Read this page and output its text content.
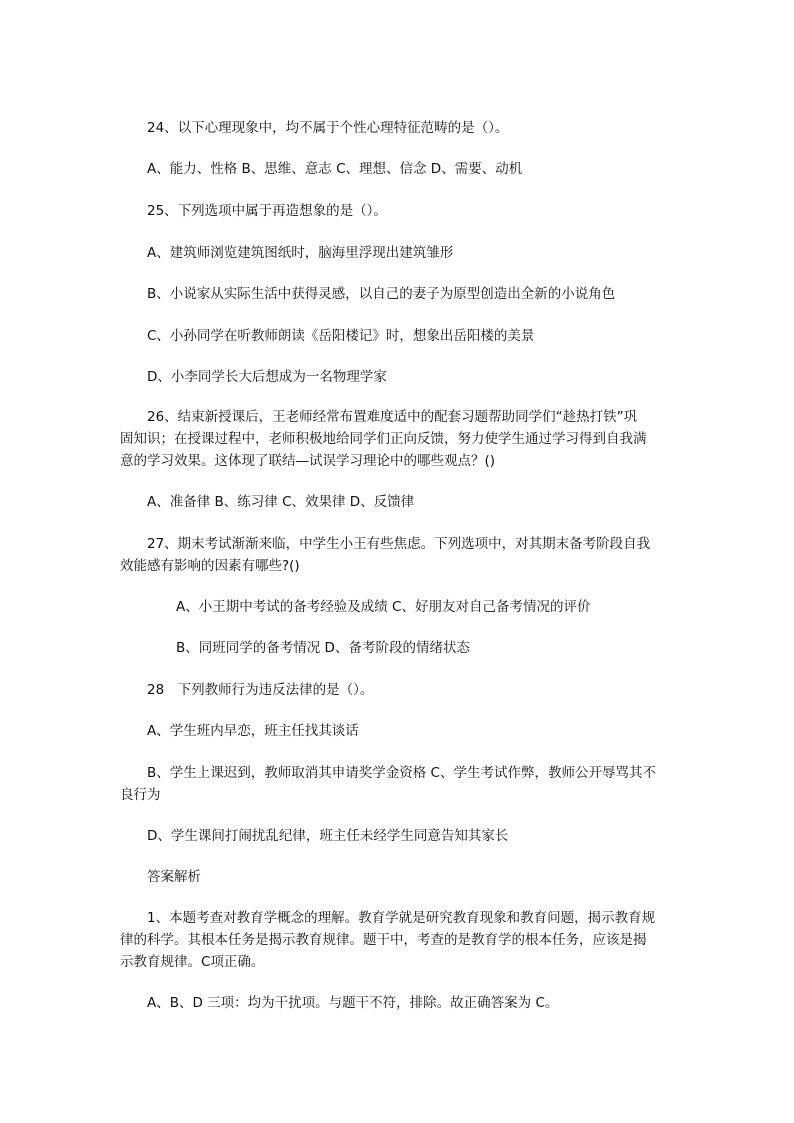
24、以下心理现象中，均不属于个性心理特征范畴的是（）。
A、能力、性格 B、思维、意志 C、理想、信念 D、需要、动机
25、下列选项中属于再造想象的是（）。
A、建筑师浏览建筑图纸时，脑海里浮现出建筑雏形
B、小说家从实际生活中获得灵感，以自己的妻子为原型创造出全新的小说角色
C、小孙同学在听教师朗读《岳阳楼记》时，想象出岳阳楼的美景
D、小李同学长大后想成为一名物理学家
26、结束新授课后，王老师经常布置难度适中的配套习题帮助同学们“趁热打铁”巩
固知识；在授课过程中，老师积极地给同学们正向反馈，努力使学生通过学习得到自我满
意的学习效果。这体现了联结—试误学习理论中的哪些观点？()
A、准备律 B、练习律 C、效果律 D、反馈律
27、期末考试渐渐来临，中学生小王有些焦虑。下列选项中，对其期末备考阶段自我
效能感有影响的因素有哪些?()
A、小王期中考试的备考经验及成绩 C、好朋友对自己备考情况的评价
B、同班同学的备考情况 D、备考阶段的情绪状态
28　下列教师行为违反法律的是（）。
A、学生班内早恋，班主任找其谈话
B、学生上课迟到，教师取消其申请奖学金资格 C、学生考试作弊，教师公开辱骂其不
良行为
D、学生课间打闹扰乱纪律，班主任未经学生同意告知其家长
答案解析
1、本题考查对教育学概念的理解。教育学就是研究教育现象和教育问题，揭示教育规
律的科学。其根本任务是揭示教育规律。题干中，考查的是教育学的根本任务，应该是揭
示教育规律。C项正确。
A、B、D 三项：均为干扰项。与题干不符，排除。故正确答案为 C。
